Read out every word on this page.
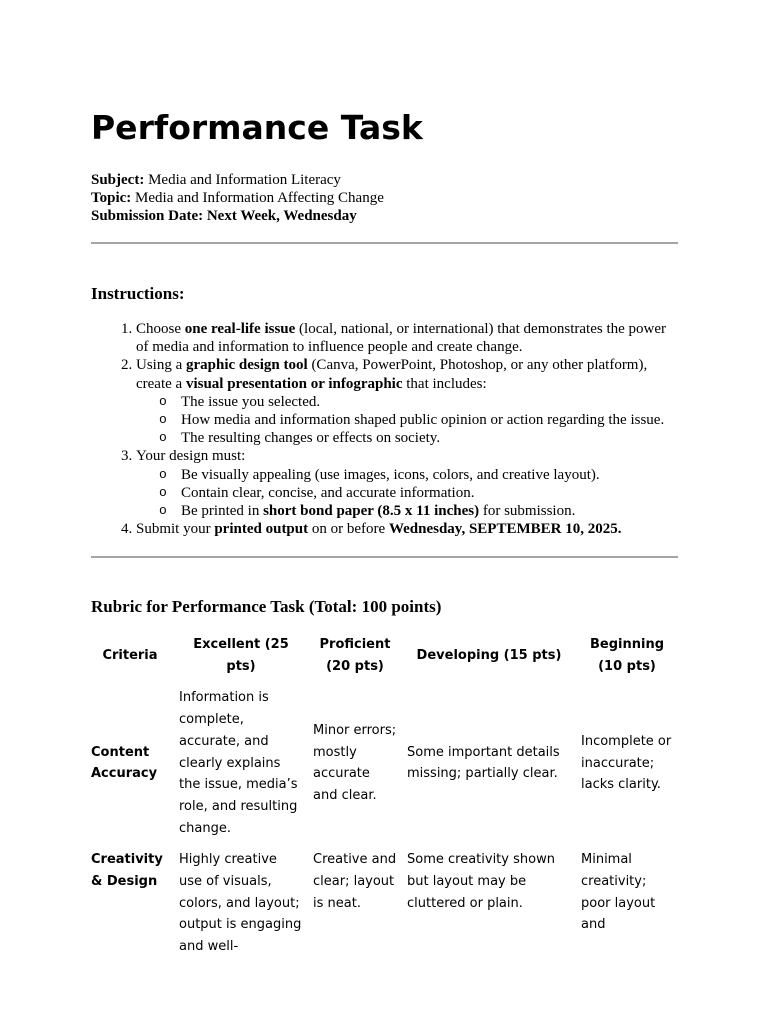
Performance Task
Subject: Media and Information Literacy
Topic: Media and Information Affecting Change
Submission Date: Next Week, Wednesday
Instructions:
1. Choose one real-life issue (local, national, or international) that demonstrates the power of media and information to influence people and create change.
2. Using a graphic design tool (Canva, PowerPoint, Photoshop, or any other platform), create a visual presentation or infographic that includes:
o The issue you selected.
o How media and information shaped public opinion or action regarding the issue.
o The resulting changes or effects on society.
3. Your design must:
o Be visually appealing (use images, icons, colors, and creative layout).
o Contain clear, concise, and accurate information.
o Be printed in short bond paper (8.5 x 11 inches) for submission.
4. Submit your printed output on or before Wednesday, SEPTEMBER 10, 2025.
Rubric for Performance Task (Total: 100 points)
Criteria	Excellent (25 pts)	Proficient (20 pts)	Developing (15 pts)	Beginning (10 pts)
Content Accuracy	Information is complete, accurate, and clearly explains the issue, media’s role, and resulting change.	Minor errors; mostly accurate and clear.	Some important details missing; partially clear.	Incomplete or inaccurate; lacks clarity.
Creativity & Design	Highly creative use of visuals, colors, and layout; output is engaging and well-	Creative and clear; layout is neat.	Some creativity shown but layout may be cluttered or plain.	Minimal creativity; poor layout and
